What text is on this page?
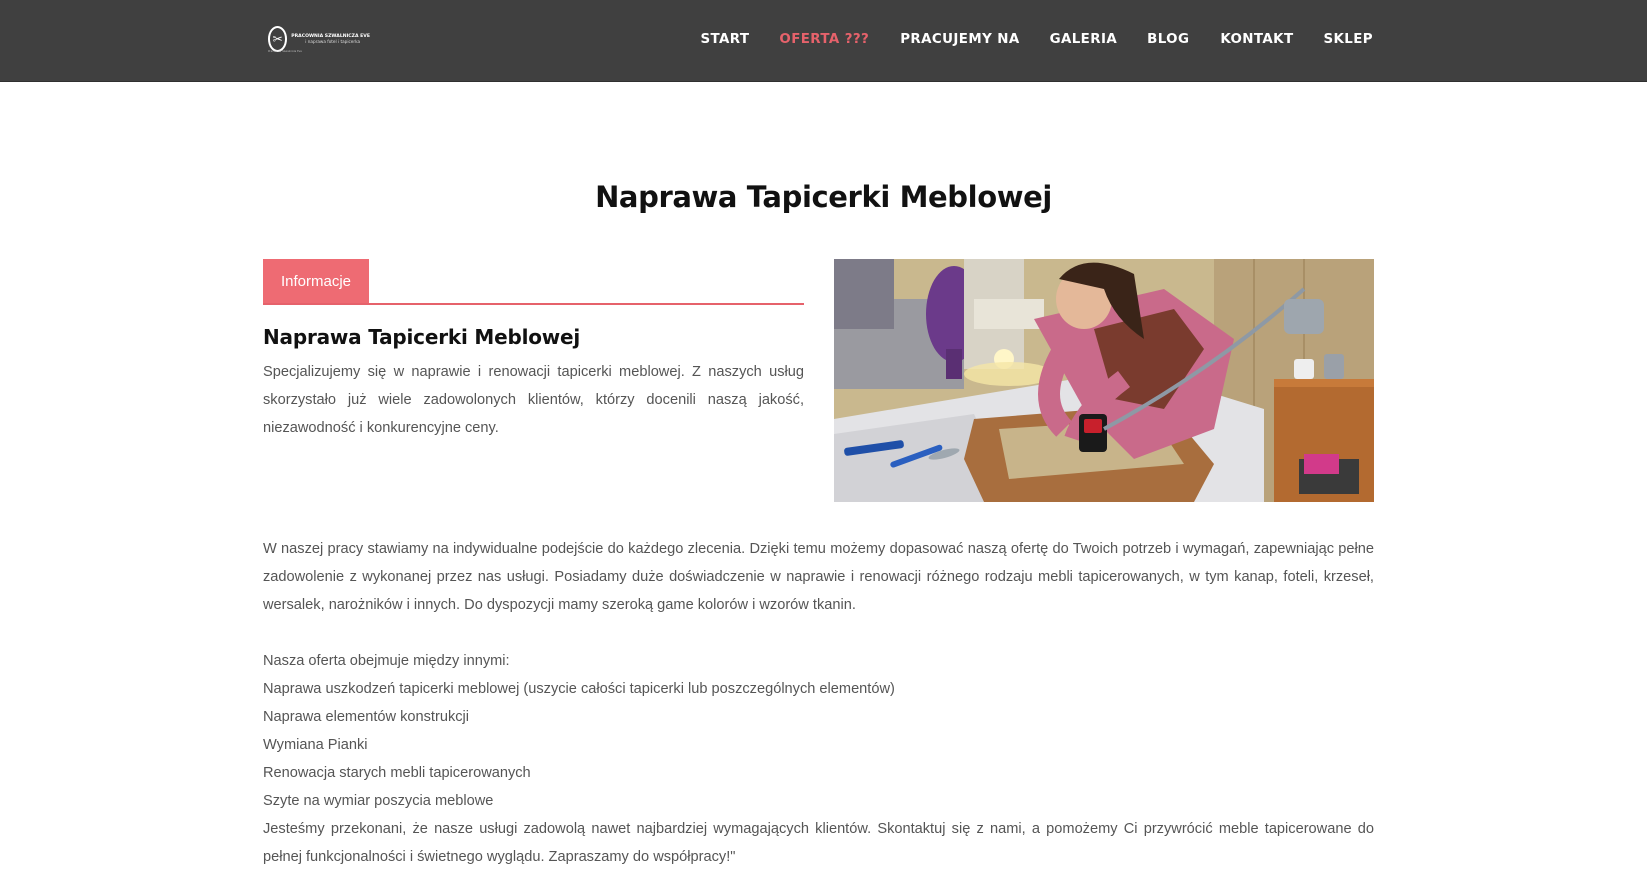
✂	PRACOWNIA SZWALNICZA EVE
i naprawa fotel i tapicerka
Pracownia Szwalnicza Eve
START OFERTA ??? PRACUJEMY NA GALERIA BLOG KONTAKT SKLEP
Naprawa Tapicerki Meblowej
Informacje
Naprawa Tapicerki Meblowej

Specjalizujemy się w naprawie i renowacji tapicerki meblowej. Z naszych usług skorzystało już wiele zadowolonych klientów, którzy docenili naszą jakość, niezawodność i konkurencyjne ceny.

W naszej pracy stawiamy na indywidualne podejście do każdego zlecenia. Dzięki temu możemy dopasować naszą ofertę do Twoich potrzeb i wymagań, zapewniając pełne zadowolenie z wykonanej przez nas usługi. Posiadamy duże doświadczenie w naprawie i renowacji różnego rodzaju mebli tapicerowanych, w tym kanap, foteli, krzeseł, wersalek, narożników i innych. Do dyspozycji mamy szeroką game kolorów i wzorów tkanin.

Nasza oferta obejmuje między innymi:
Naprawa uszkodzeń tapicerki meblowej (uszycie całości tapicerki lub poszczególnych elementów)
Naprawa elementów konstrukcji
Wymiana Pianki
Renowacja starych mebli tapicerowanych
Szyte na wymiar poszycia meblowe

Jesteśmy przekonani, że nasze usługi zadowolą nawet najbardziej wymagających klientów. Skontaktuj się z nami, a pomożemy Ci przywrócić meble tapicerowane do pełnej funkcjonalności i świetnego wyglądu. Zapraszamy do współpracy!"
